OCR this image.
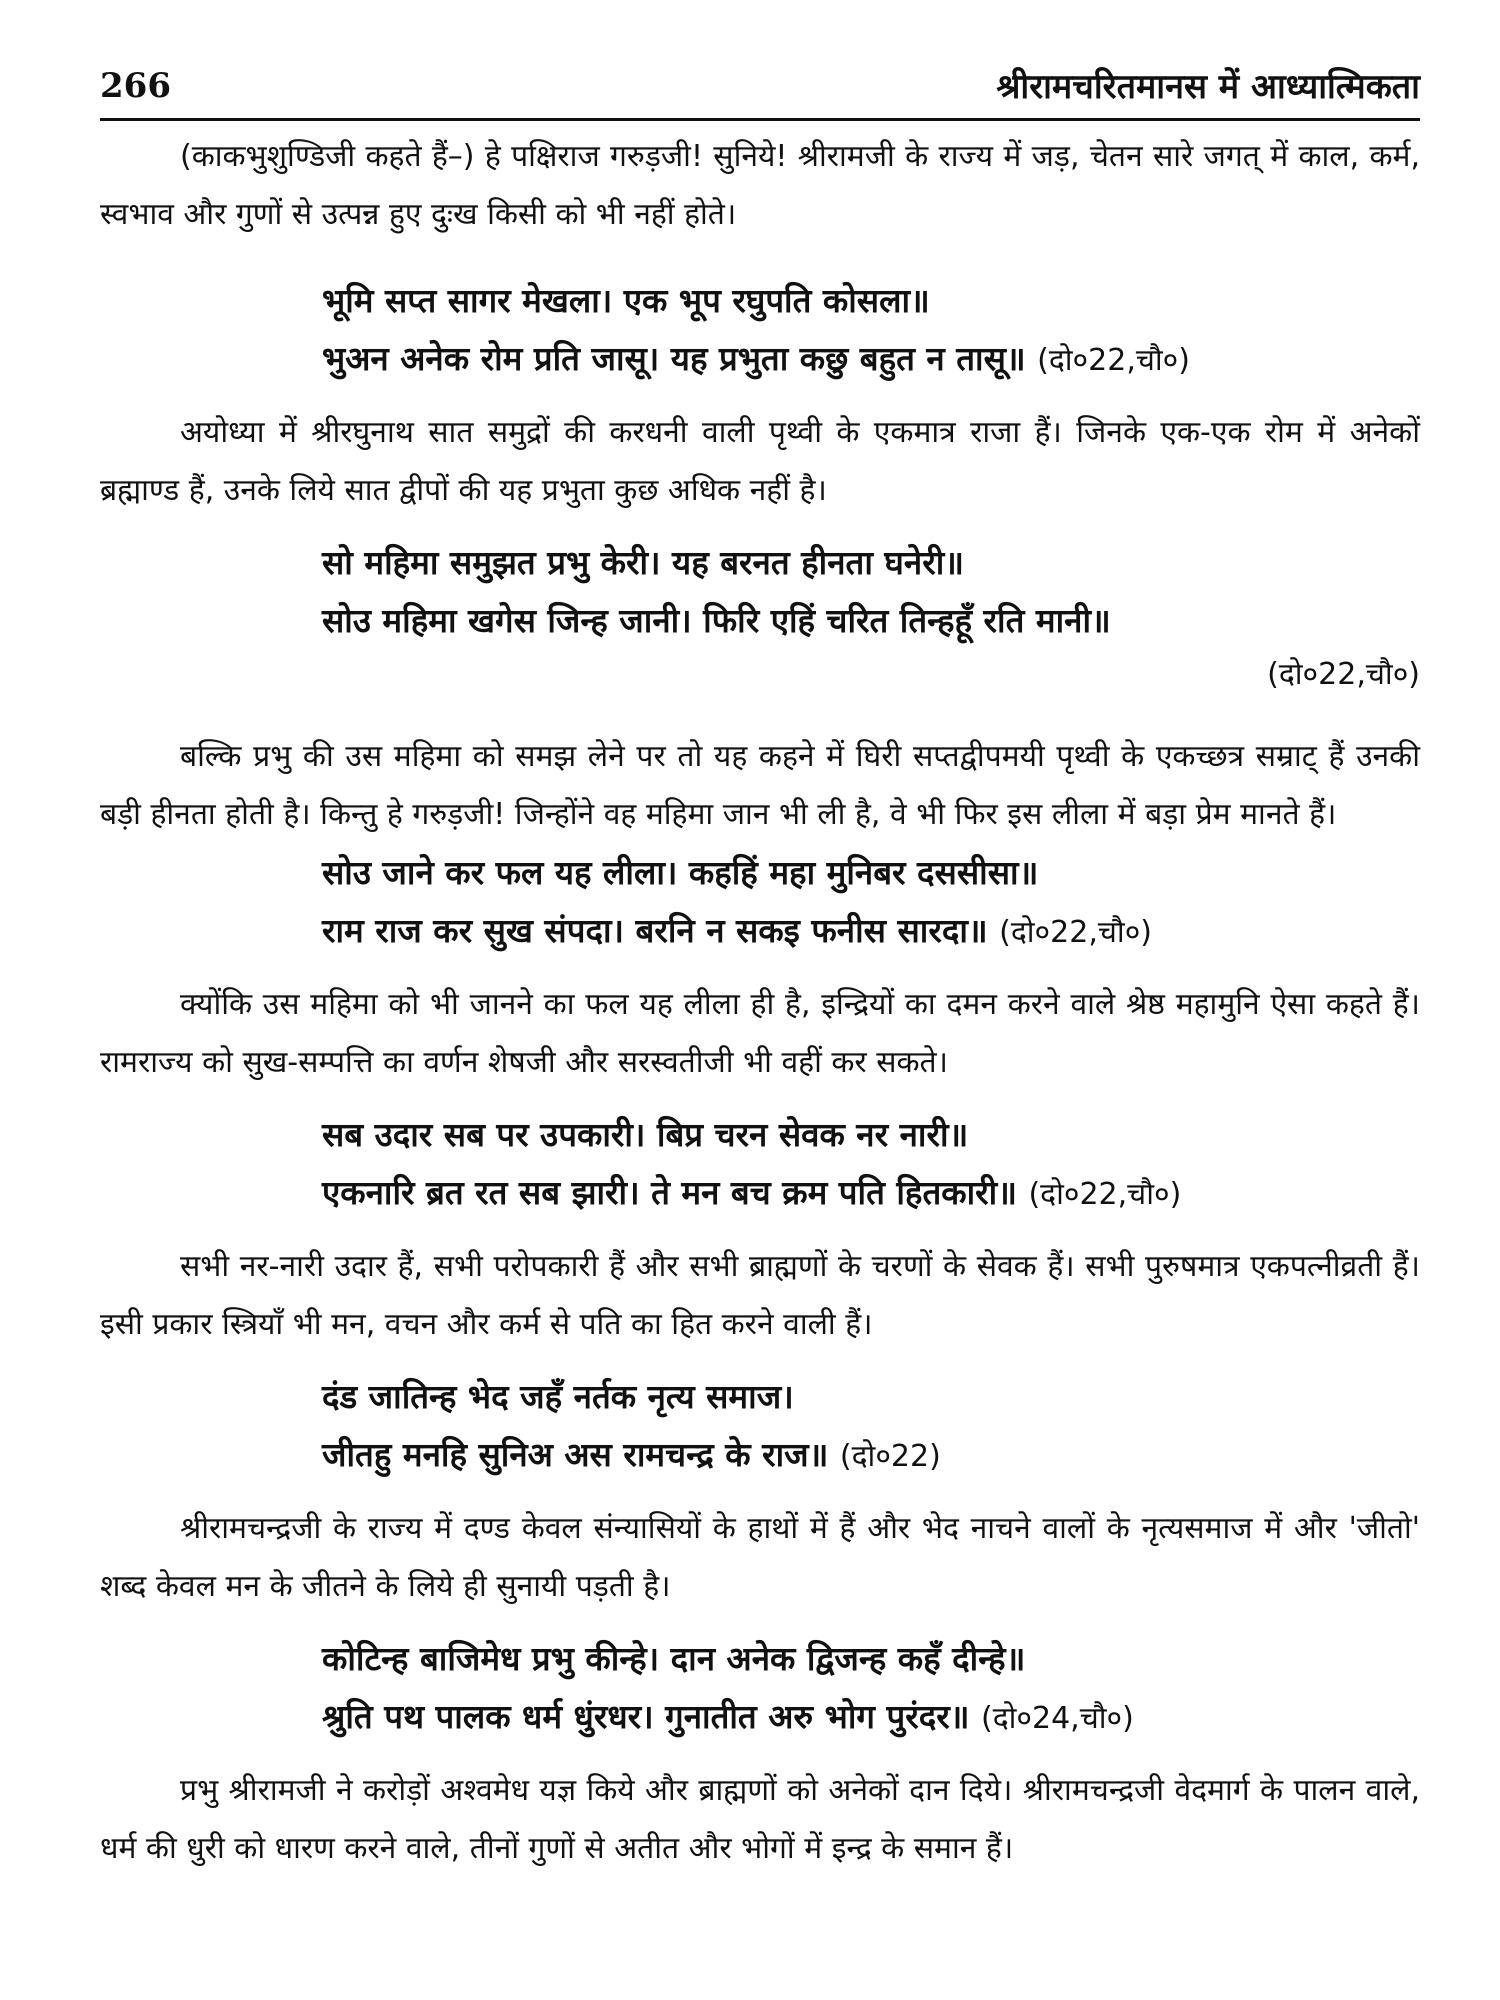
266	श्रीरामचरितमानस में आध्यात्मिकता

(काकभुशुण्डिजी कहते हैं–) हे पक्षिराज गरुड़जी! सुनिये! श्रीरामजी के राज्य में जड़, चेतन सारे जगत् में काल, कर्म, स्वभाव और गुणों से उत्पन्न हुए दुःख किसी को भी नहीं होते।

भूमि सप्त सागर मेखला। एक भूप रघुपति कोसला॥
भुअन अनेक रोम प्रति जासू। यह प्रभुता कछु बहुत न तासू॥ (दो०22,चौ०)

अयोध्या में श्रीरघुनाथ सात समुद्रों की करधनी वाली पृथ्वी के एकमात्र राजा हैं। जिनके एक-एक रोम में अनेकों ब्रह्माण्ड हैं, उनके लिये सात द्वीपों की यह प्रभुता कुछ अधिक नहीं है।

सो महिमा समुझत प्रभु केरी। यह बरनत हीनता घनेरी॥
सोउ महिमा खगेस जिन्ह जानी। फिरि एहिं चरित तिन्हहूँ रति मानी॥
(दो०22,चौ०)

बल्कि प्रभु की उस महिमा को समझ लेने पर तो यह कहने में घिरी सप्तद्वीपमयी पृथ्वी के एकच्छत्र सम्राट् हैं उनकी बड़ी हीनता होती है। किन्तु हे गरुड़जी! जिन्होंने वह महिमा जान भी ली है, वे भी फिर इस लीला में बड़ा प्रेम मानते हैं।

सोउ जाने कर फल यह लीला। कहहिं महा मुनिबर दससीसा॥
राम राज कर सुख संपदा। बरनि न सकइ फनीस सारदा॥ (दो०22,चौ०)

क्योंकि उस महिमा को भी जानने का फल यह लीला ही है, इन्द्रियों का दमन करने वाले श्रेष्ठ महामुनि ऐसा कहते हैं। रामराज्य को सुख-सम्पत्ति का वर्णन शेषजी और सरस्वतीजी भी वहीं कर सकते।

सब उदार सब पर उपकारी। बिप्र चरन सेवक नर नारी॥
एकनारि ब्रत रत सब झारी। ते मन बच क्रम पति हितकारी॥ (दो०22,चौ०)

सभी नर-नारी उदार हैं, सभी परोपकारी हैं और सभी ब्राह्मणों के चरणों के सेवक हैं। सभी पुरुषमात्र एकपत्नीव्रती हैं। इसी प्रकार स्त्रियाँ भी मन, वचन और कर्म से पति का हित करने वाली हैं।

दंड जातिन्ह भेद जहँ नर्तक नृत्य समाज।
जीतहु मनहि सुनिअ अस रामचन्द्र के राज॥ (दो०22)

श्रीरामचन्द्रजी के राज्य में दण्ड केवल संन्यासियों के हाथों में हैं और भेद नाचने वालों के नृत्यसमाज में और 'जीतो' शब्द केवल मन के जीतने के लिये ही सुनायी पड़ती है।

कोटिन्ह बाजिमेध प्रभु कीन्हे। दान अनेक द्विजन्ह कहँ दीन्हे॥
श्रुति पथ पालक धर्म धुंरधर। गुनातीत अरु भोग पुरंदर॥ (दो०24,चौ०)

प्रभु श्रीरामजी ने करोड़ों अश्वमेध यज्ञ किये और ब्राह्मणों को अनेकों दान दिये। श्रीरामचन्द्रजी वेदमार्ग के पालन वाले, धर्म की धुरी को धारण करने वाले, तीनों गुणों से अतीत और भोगों में इन्द्र के समान हैं।
